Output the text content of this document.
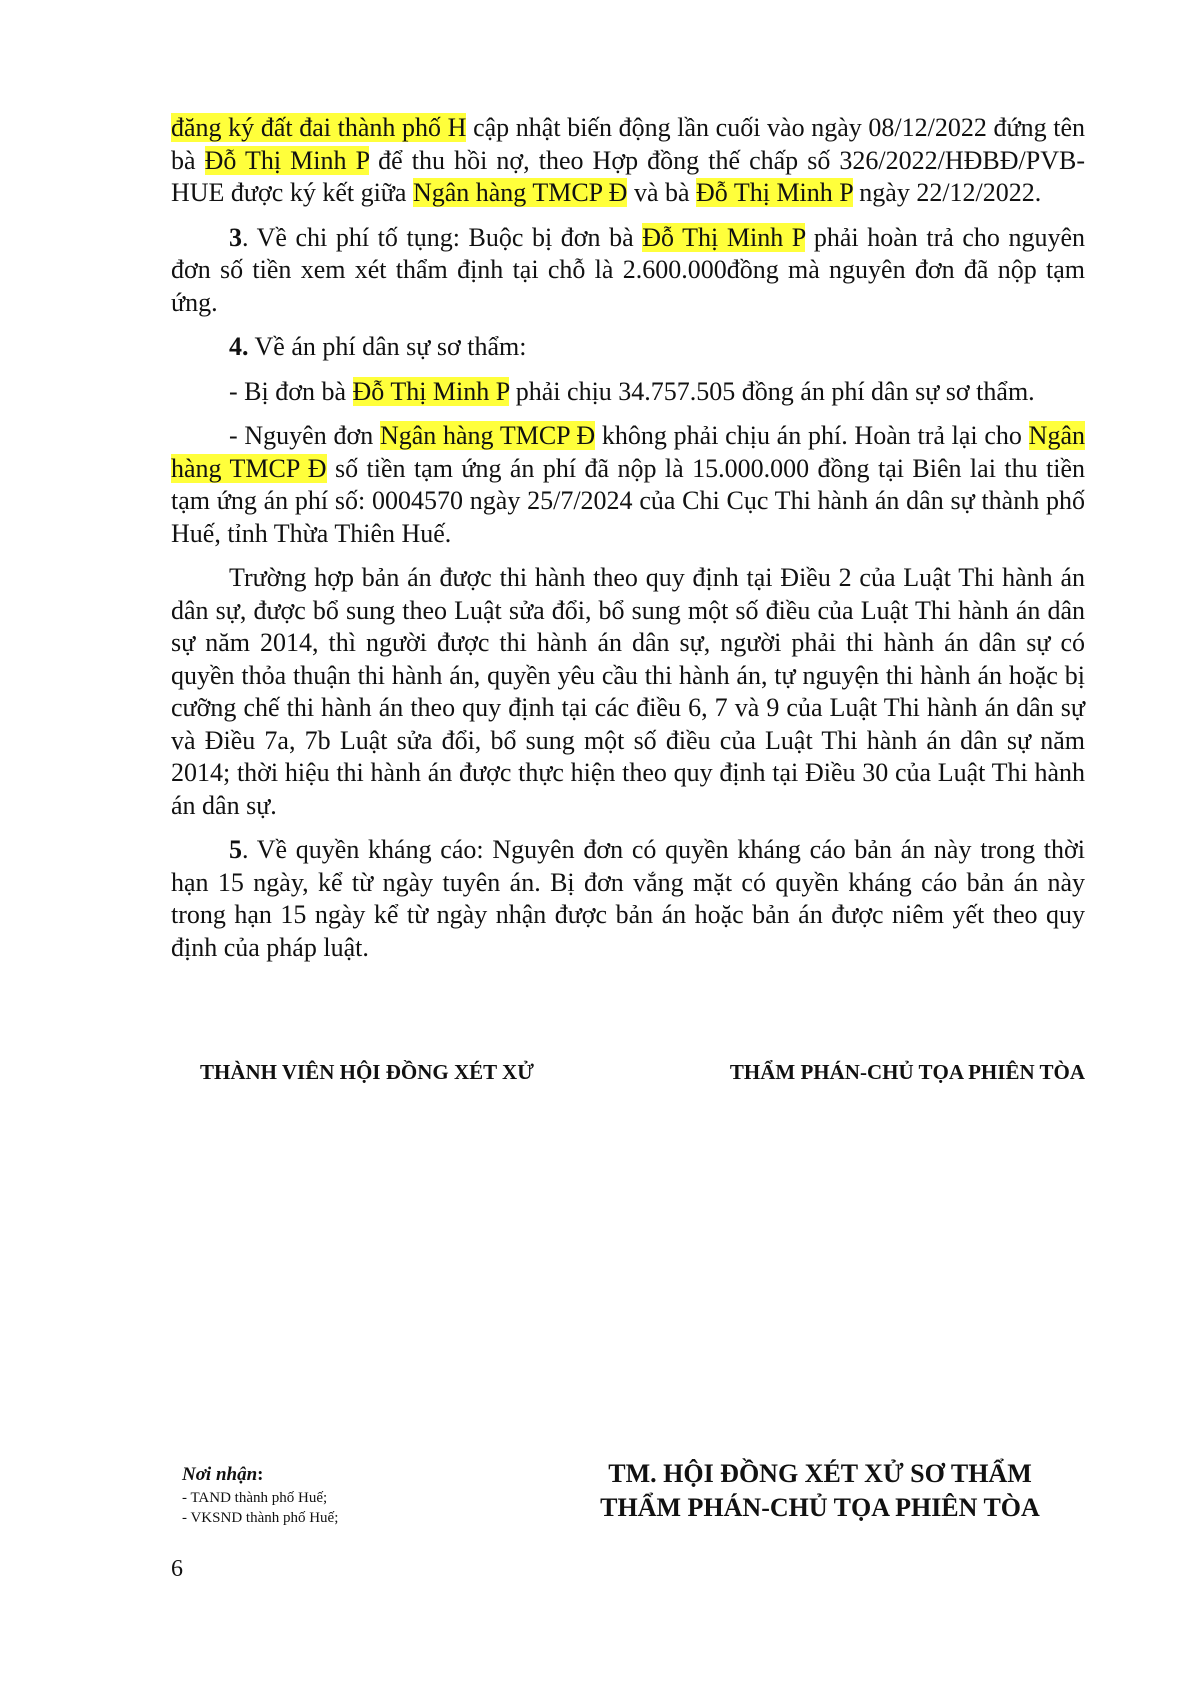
đăng ký đất đai thành phố H cập nhật biến động lần cuối vào ngày 08/12/2022 đứng tên bà Đỗ Thị Minh P để thu hồi nợ, theo Hợp đồng thế chấp số 326/2022/HĐBĐ/PVB-HUE được ký kết giữa Ngân hàng TMCP Đ và bà Đỗ Thị Minh P ngày 22/12/2022.

3. Về chi phí tố tụng: Buộc bị đơn bà Đỗ Thị Minh P phải hoàn trả cho nguyên đơn số tiền xem xét thẩm định tại chỗ là 2.600.000đồng mà nguyên đơn đã nộp tạm ứng.

4. Về án phí dân sự sơ thẩm:

- Bị đơn bà Đỗ Thị Minh P phải chịu 34.757.505 đồng án phí dân sự sơ thẩm.

- Nguyên đơn Ngân hàng TMCP Đ không phải chịu án phí. Hoàn trả lại cho Ngân hàng TMCP Đ số tiền tạm ứng án phí đã nộp là 15.000.000 đồng tại Biên lai thu tiền tạm ứng án phí số: 0004570 ngày 25/7/2024 của Chi Cục Thi hành án dân sự thành phố Huế, tỉnh Thừa Thiên Huế.

Trường hợp bản án được thi hành theo quy định tại Điều 2 của Luật Thi hành án dân sự, được bổ sung theo Luật sửa đổi, bổ sung một số điều của Luật Thi hành án dân sự năm 2014, thì người được thi hành án dân sự, người phải thi hành án dân sự có quyền thỏa thuận thi hành án, quyền yêu cầu thi hành án, tự nguyện thi hành án hoặc bị cưỡng chế thi hành án theo quy định tại các điều 6, 7 và 9 của Luật Thi hành án dân sự và Điều 7a, 7b Luật sửa đổi, bổ sung một số điều của Luật Thi hành án dân sự năm 2014; thời hiệu thi hành án được thực hiện theo quy định tại Điều 30 của Luật Thi hành án dân sự.

5. Về quyền kháng cáo: Nguyên đơn có quyền kháng cáo bản án này trong thời hạn 15 ngày, kể từ ngày tuyên án. Bị đơn vắng mặt có quyền kháng cáo bản án này trong hạn 15 ngày kể từ ngày nhận được bản án hoặc bản án được niêm yết theo quy định của pháp luật.

THÀNH VIÊN HỘI ĐỒNG XÉT XỬ	THẨM PHÁN-CHỦ TỌA PHIÊN TÒA
Nơi nhận:
- TAND thành phố Huế;
- VKSND thành phố Huế;
TM. HỘI ĐỒNG XÉT XỬ SƠ THẨM
THẨM PHÁN-CHỦ TỌA PHIÊN TÒA
6
